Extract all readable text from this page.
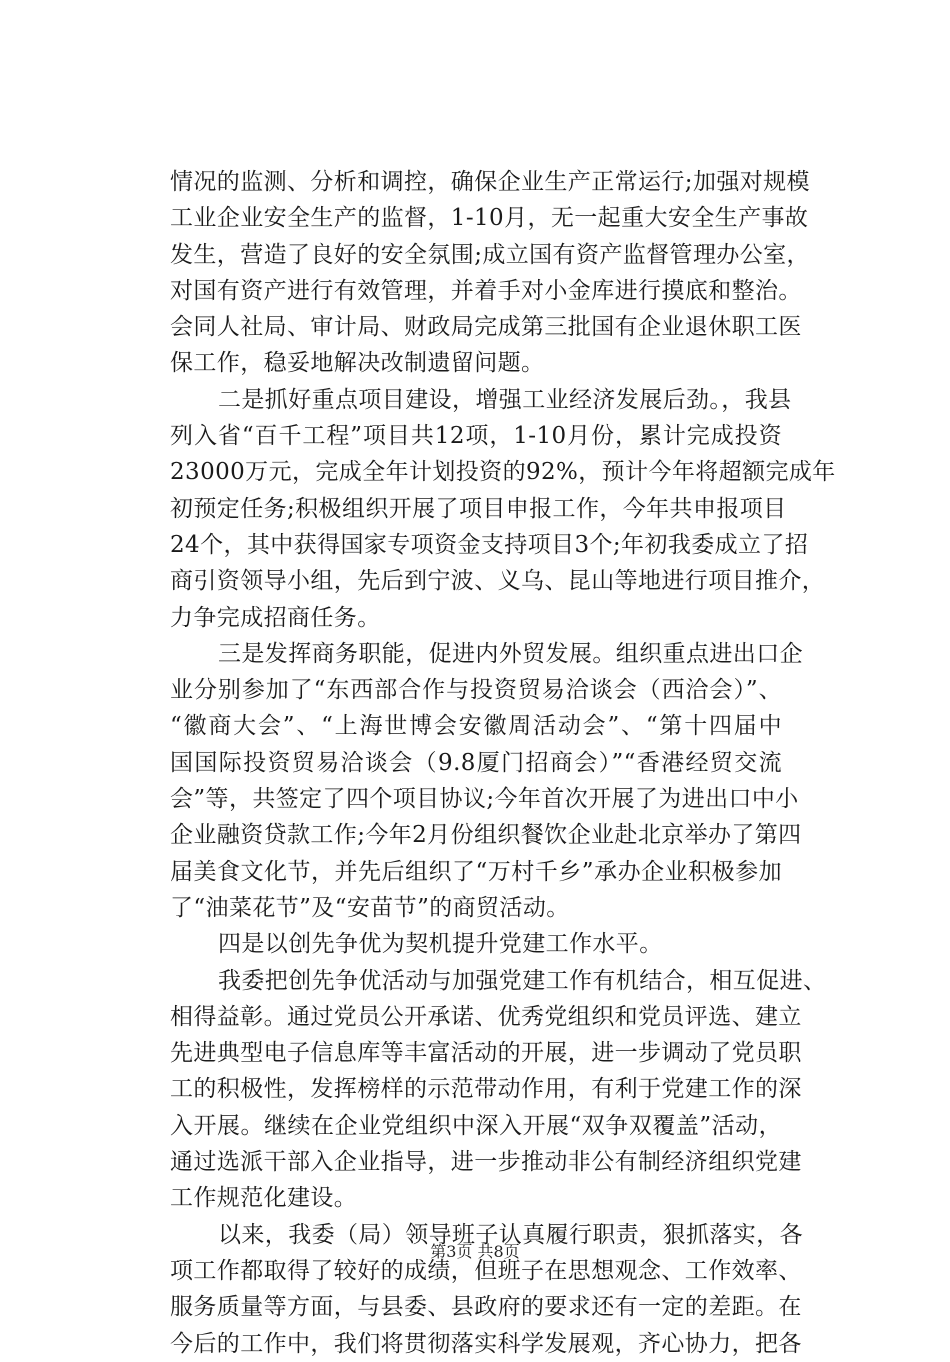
情况的监测、分析和调控，确保企业生产正常运行;加强对规模
工业企业安全生产的监督，1-10月，无一起重大安全生产事故
发生，营造了良好的安全氛围;成立国有资产监督管理办公室，
对国有资产进行有效管理，并着手对小金库进行摸底和整治。
会同人社局、审计局、财政局完成第三批国有企业退休职工医
保工作，稳妥地解决改制遗留问题。
二是抓好重点项目建设，增强工业经济发展后劲。，我县
列入省“百千工程”项目共12项，1-10月份，累计完成投资
23000万元，完成全年计划投资的92%，预计今年将超额完成年
初预定任务;积极组织开展了项目申报工作，今年共申报项目
24个，其中获得国家专项资金支持项目3个;年初我委成立了招
商引资领导小组，先后到宁波、义乌、昆山等地进行项目推介，
力争完成招商任务。
三是发挥商务职能，促进内外贸发展。组织重点进出口企
业分别参加了“东西部合作与投资贸易洽谈会（西洽会）”、
“徽商大会”、“上海世博会安徽周活动会”、“第十四届中
国国际投资贸易洽谈会（9.8厦门招商会）”“香港经贸交流
会”等，共签定了四个项目协议;今年首次开展了为进出口中小
企业融资贷款工作;今年2月份组织餐饮企业赴北京举办了第四
届美食文化节，并先后组织了“万村千乡”承办企业积极参加
了“油菜花节”及“安苗节”的商贸活动。
四是以创先争优为契机提升党建工作水平。
我委把创先争优活动与加强党建工作有机结合，相互促进、
相得益彰。通过党员公开承诺、优秀党组织和党员评选、建立
先进典型电子信息库等丰富活动的开展，进一步调动了党员职
工的积极性，发挥榜样的示范带动作用，有利于党建工作的深
入开展。继续在企业党组织中深入开展“双争双覆盖”活动，
通过选派干部入企业指导，进一步推动非公有制经济组织党建
工作规范化建设。
以来，我委（局）领导班子认真履行职责，狠抓落实，各
项工作都取得了较好的成绩，但班子在思想观念、工作效率、
服务质量等方面，与县委、县政府的要求还有一定的差距。在
今后的工作中，我们将贯彻落实科学发展观，齐心协力，把各
第3页 共8页
